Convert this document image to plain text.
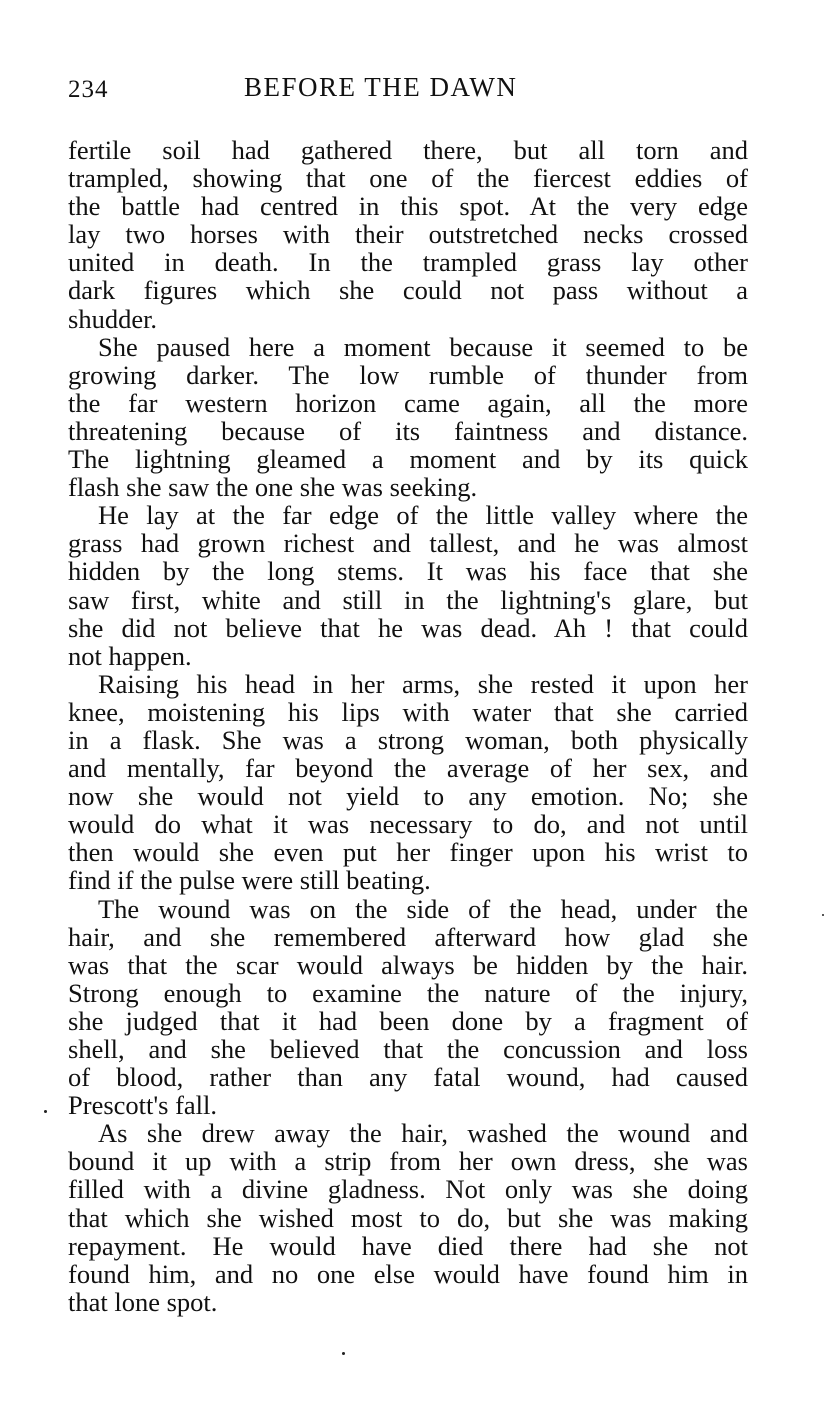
234	BEFORE THE DAWN
fertile soil had gathered there, but all torn and
trampled, showing that one of the fiercest eddies of
the battle had centred in this spot. At the very edge
lay two horses with their outstretched necks crossed
united in death. In the trampled grass lay other
dark figures which she could not pass without a
shudder.
She paused here a moment because it seemed to be
growing darker. The low rumble of thunder from
the far western horizon came again, all the more
threatening because of its faintness and distance.
The lightning gleamed a moment and by its quick
flash she saw the one she was seeking.
He lay at the far edge of the little valley where the
grass had grown richest and tallest, and he was almost
hidden by the long stems. It was his face that she
saw first, white and still in the lightning's glare, but
she did not believe that he was dead. Ah ! that could
not happen.
Raising his head in her arms, she rested it upon her
knee, moistening his lips with water that she carried
in a flask. She was a strong woman, both physically
and mentally, far beyond the average of her sex, and
now she would not yield to any emotion. No; she
would do what it was necessary to do, and not until
then would she even put her finger upon his wrist to
find if the pulse were still beating.
The wound was on the side of the head, under the
hair, and she remembered afterward how glad she
was that the scar would always be hidden by the hair.
Strong enough to examine the nature of the injury,
she judged that it had been done by a fragment of
shell, and she believed that the concussion and loss
of blood, rather than any fatal wound, had caused
Prescott's fall.
As she drew away the hair, washed the wound and
bound it up with a strip from her own dress, she was
filled with a divine gladness. Not only was she doing
that which she wished most to do, but she was making
repayment. He would have died there had she not
found him, and no one else would have found him in
that lone spot.
